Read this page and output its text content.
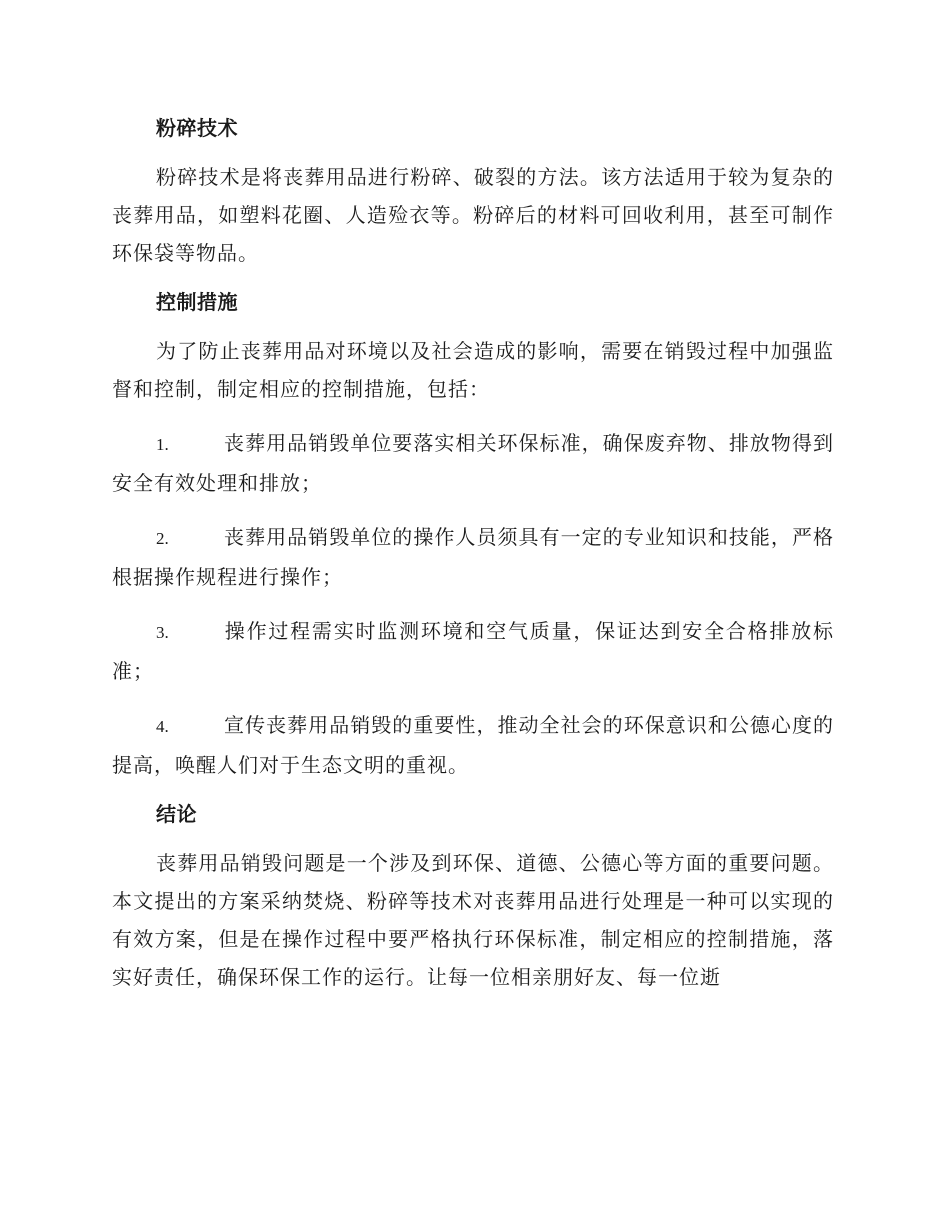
粉碎技术

粉碎技术是将丧葬用品进行粉碎、破裂的方法。该方法适用于较为复杂的丧葬用品，如塑料花圈、人造殓衣等。粉碎后的材料可回收利用，甚至可制作环保袋等物品。

控制措施

为了防止丧葬用品对环境以及社会造成的影响，需要在销毁过程中加强监督和控制，制定相应的控制措施，包括：

1.	丧葬用品销毁单位要落实相关环保标准，确保废弃物、排放物得到安全有效处理和排放；

2.	丧葬用品销毁单位的操作人员须具有一定的专业知识和技能，严格根据操作规程进行操作；

3.	操作过程需实时监测环境和空气质量，保证达到安全合格排放标准；

4.	宣传丧葬用品销毁的重要性，推动全社会的环保意识和公德心度的提高，唤醒人们对于生态文明的重视。

结论

丧葬用品销毁问题是一个涉及到环保、道德、公德心等方面的重要问题。本文提出的方案采纳焚烧、粉碎等技术对丧葬用品进行处理是一种可以实现的有效方案，但是在操作过程中要严格执行环保标准，制定相应的控制措施，落实好责任，确保环保工作的运行。让每一位相亲朋好友、每一位逝
